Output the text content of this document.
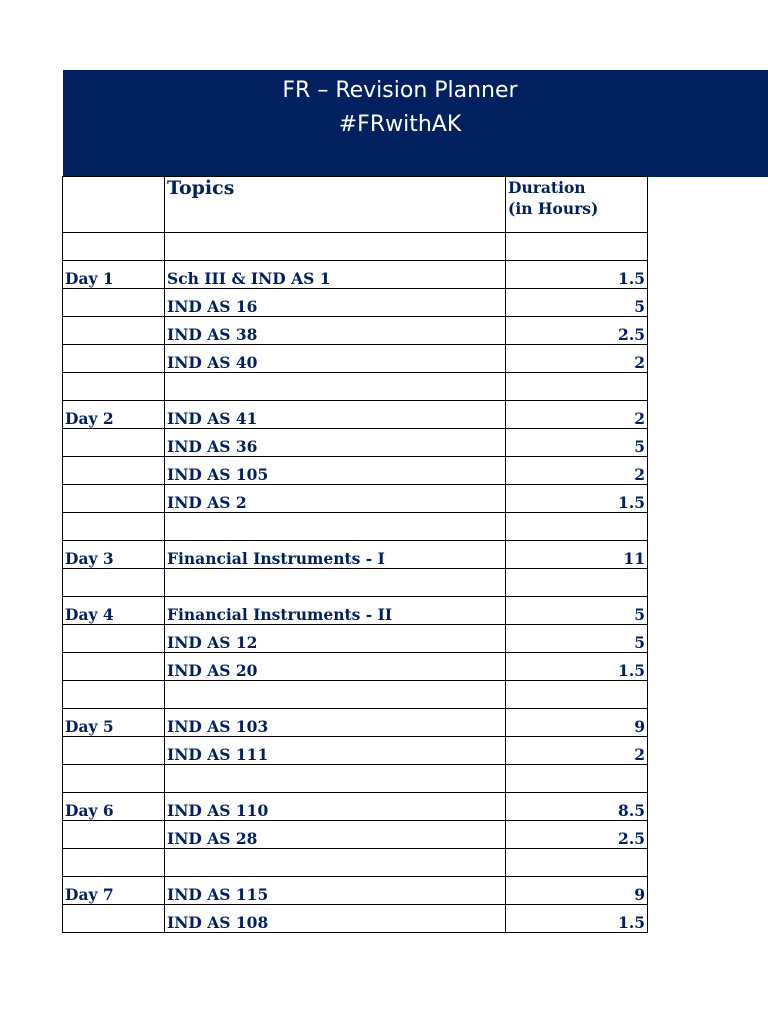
FR – Revision Planner
#FRwithAK

	Topics	Duration
(in Hours)

Day 1	Sch III & IND AS 1	1.5
	IND AS 16	5
	IND AS 38	2.5
	IND AS 40	2

Day 2	IND AS 41	2
	IND AS 36	5
	IND AS 105	2
	IND AS 2	1.5

Day 3	Financial Instruments - I	11

Day 4	Financial Instruments - II	5
	IND AS 12	5
	IND AS 20	1.5

Day 5	IND AS 103	9
	IND AS 111	2

Day 6	IND AS 110	8.5
	IND AS 28	2.5

Day 7	IND AS 115	9
	IND AS 108	1.5
